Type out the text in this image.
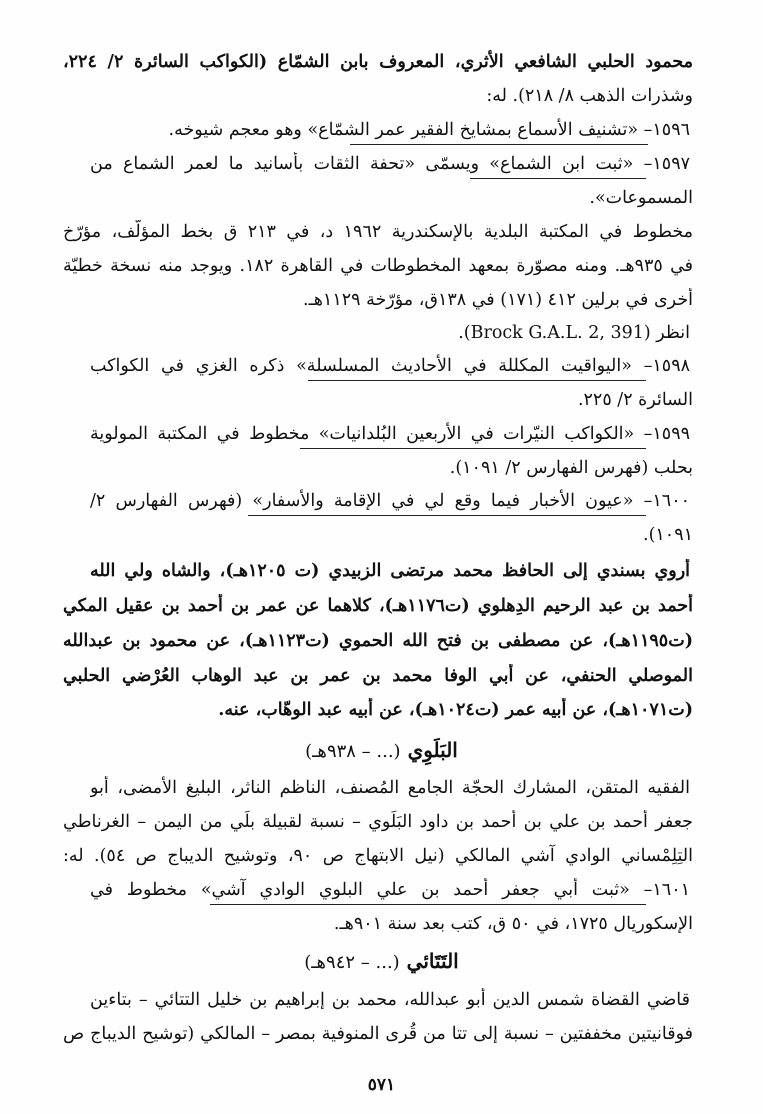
محمود الحلبي الشافعي الأثري، المعروف بابن الشمّاع (الكواكب السائرة ٢/ ٢٢٤،
وشذرات الذهب ٨/ ٢١٨). له:
١٥٩٦– «تشنيف الأسماع بمشايخ الفقير عمر الشمّاع» وهو معجم شيوخه.
١٥٩٧– «ثبت ابن الشماع» ويسمّى «تحفة الثقات بأسانيد ما لعمر الشماع من
المسموعات».
مخطوط في المكتبة البلدية بالإسكندرية ١٩٦٢ د، في ٢١٣ ق بخط المؤلّف، مؤرّخ
في ٩٣٥هـ. ومنه مصوّرة بمعهد المخطوطات في القاهرة ١٨٢. ويوجد منه نسخة خطيّة
أخرى في برلين ٤١٢ (١٧١) في ١٣٨ق، مؤرّخة ١١٢٩هـ.
انظر (Brock G.A.L. 2, 391).
١٥٩٨– «اليواقيت المكللة في الأحاديث المسلسلة» ذكره الغزي في الكواكب
السائرة ٢/ ٢٢٥.
١٥٩٩– «الكواكب النيّرات في الأربعين البُلدانيات» مخطوط في المكتبة المولوية
بحلب (فهرس الفهارس ٢/ ١٠٩١).
١٦٠٠– «عيون الأخبار فيما وقع لي في الإقامة والأسفار» (فهرس الفهارس ٢/
١٠٩١).
أروي بسندي إلى الحافظ محمد مرتضى الزبيدي (ت ١٢٠٥هـ)، والشاه ولي الله
أحمد بن عبد الرحيم الدِهلوي (ت١١٧٦هـ)، كلاهما عن عمر بن أحمد بن عقيل المكي
(ت١١٩٥هـ)، عن مصطفى بن فتح الله الحموي (ت١١٢٣هـ)، عن محمود بن عبدالله
الموصلي الحنفي، عن أبي الوفا محمد بن عمر بن عبد الوهاب العُرْضي الحلبي
(ت١٠٧١هـ)، عن أبيه عمر (ت١٠٢٤هـ)، عن أبيه عبد الوهّاب، عنه.
البَلَوِي (... – ٩٣٨هـ)
الفقيه المتقن، المشارك الحجّة الجامع المُصنف، الناظم الناثر، البليغ الأمضى، أبو
جعفر أحمد بن علي بن أحمد بن داود البَلَوي – نسبة لقبيلة بلِّي من اليمن – الغرناطي
التِلِمْساني الوادي آشي المالكي (نيل الابتهاج ص ٩٠، وتوشيح الديباج ص ٥٤). له:
١٦٠١– «ثبت أبي جعفر أحمد بن علي البلوي الوادي آشي» مخطوط في
الإسكوريال ١٧٢٥، في ٥٠ ق، كتب بعد سنة ٩٠١هـ.
التَتَائي (... – ٩٤٢هـ)
قاضي القضاة شمس الدين أبو عبدالله، محمد بن إبراهيم بن خليل التتائي – بتاءين
فوقانيتين مخففتين – نسبة إلى تتا من قُرى المنوفية بمصر – المالكي (توشيح الديباج ص
٥٧١
